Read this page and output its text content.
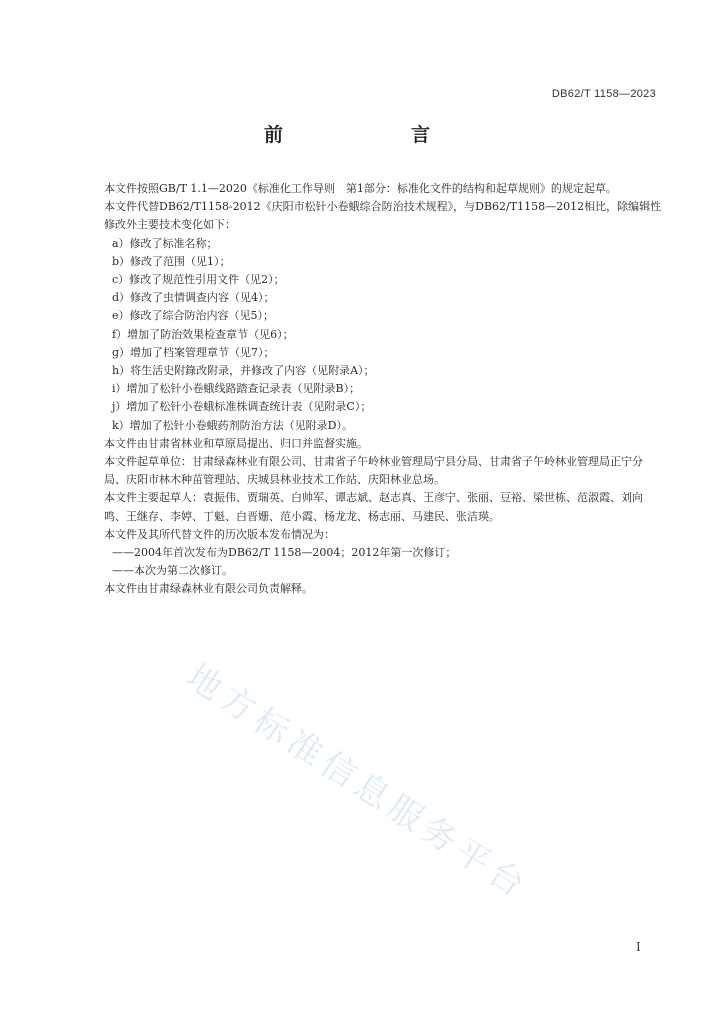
DB62/T 1158—2023
前　　言

本文件按照GB/T 1.1—2020《标准化工作导则　第1部分：标准化文件的结构和起草规则》的规定起草。

本文件代替DB62/T1158-2012《庆阳市松针小卷蛾综合防治技术规程》，与DB62/T1158—2012相比，除编辑性修改外主要技术变化如下：

a）修改了标准名称；

b）修改了范围（见1）；

c）修改了规范性引用文件（见2）；

d）修改了虫情调查内容（见4）；

e）修改了综合防治内容（见5）；

f）增加了防治效果检查章节（见6）；

g）增加了档案管理章节（见7）；

h）将生活史附錄改附录，并修改了内容（见附录A）；

i）增加了松针小卷蛾线路踏查记录表（见附录B）；

j）增加了松针小卷蛾标准株调查统计表（见附录C）；

k）增加了松针小卷蛾药剂防治方法（见附录D）。

本文件由甘肃省林业和草原局提出、归口并监督实施。

本文件起草单位：甘肃绿森林业有限公司、甘肃省子午岭林业管理局宁县分局、甘肃省子午岭林业管理局正宁分局、庆阳市林木种苗管理站、庆城县林业技术工作站、庆阳林业总场。

本文件主要起草人：袁振伟、贾瑞英、白帅军、谭志斌、赵志真、王彦宁、张丽、豆裕、梁世栋、范淑霞、刘向鸣、王继存、李婷、丁魁、白晋姗、范小霞、杨龙龙、杨志丽、马建民、张洁瑛。

本文件及其所代替文件的历次版本发布情况为：

——2004年首次发布为DB62/T 1158—2004；2012年第一次修订；

——本次为第二次修订。

本文件由甘肃绿森林业有限公司负责解释。

地方标准信息服务平台
I
